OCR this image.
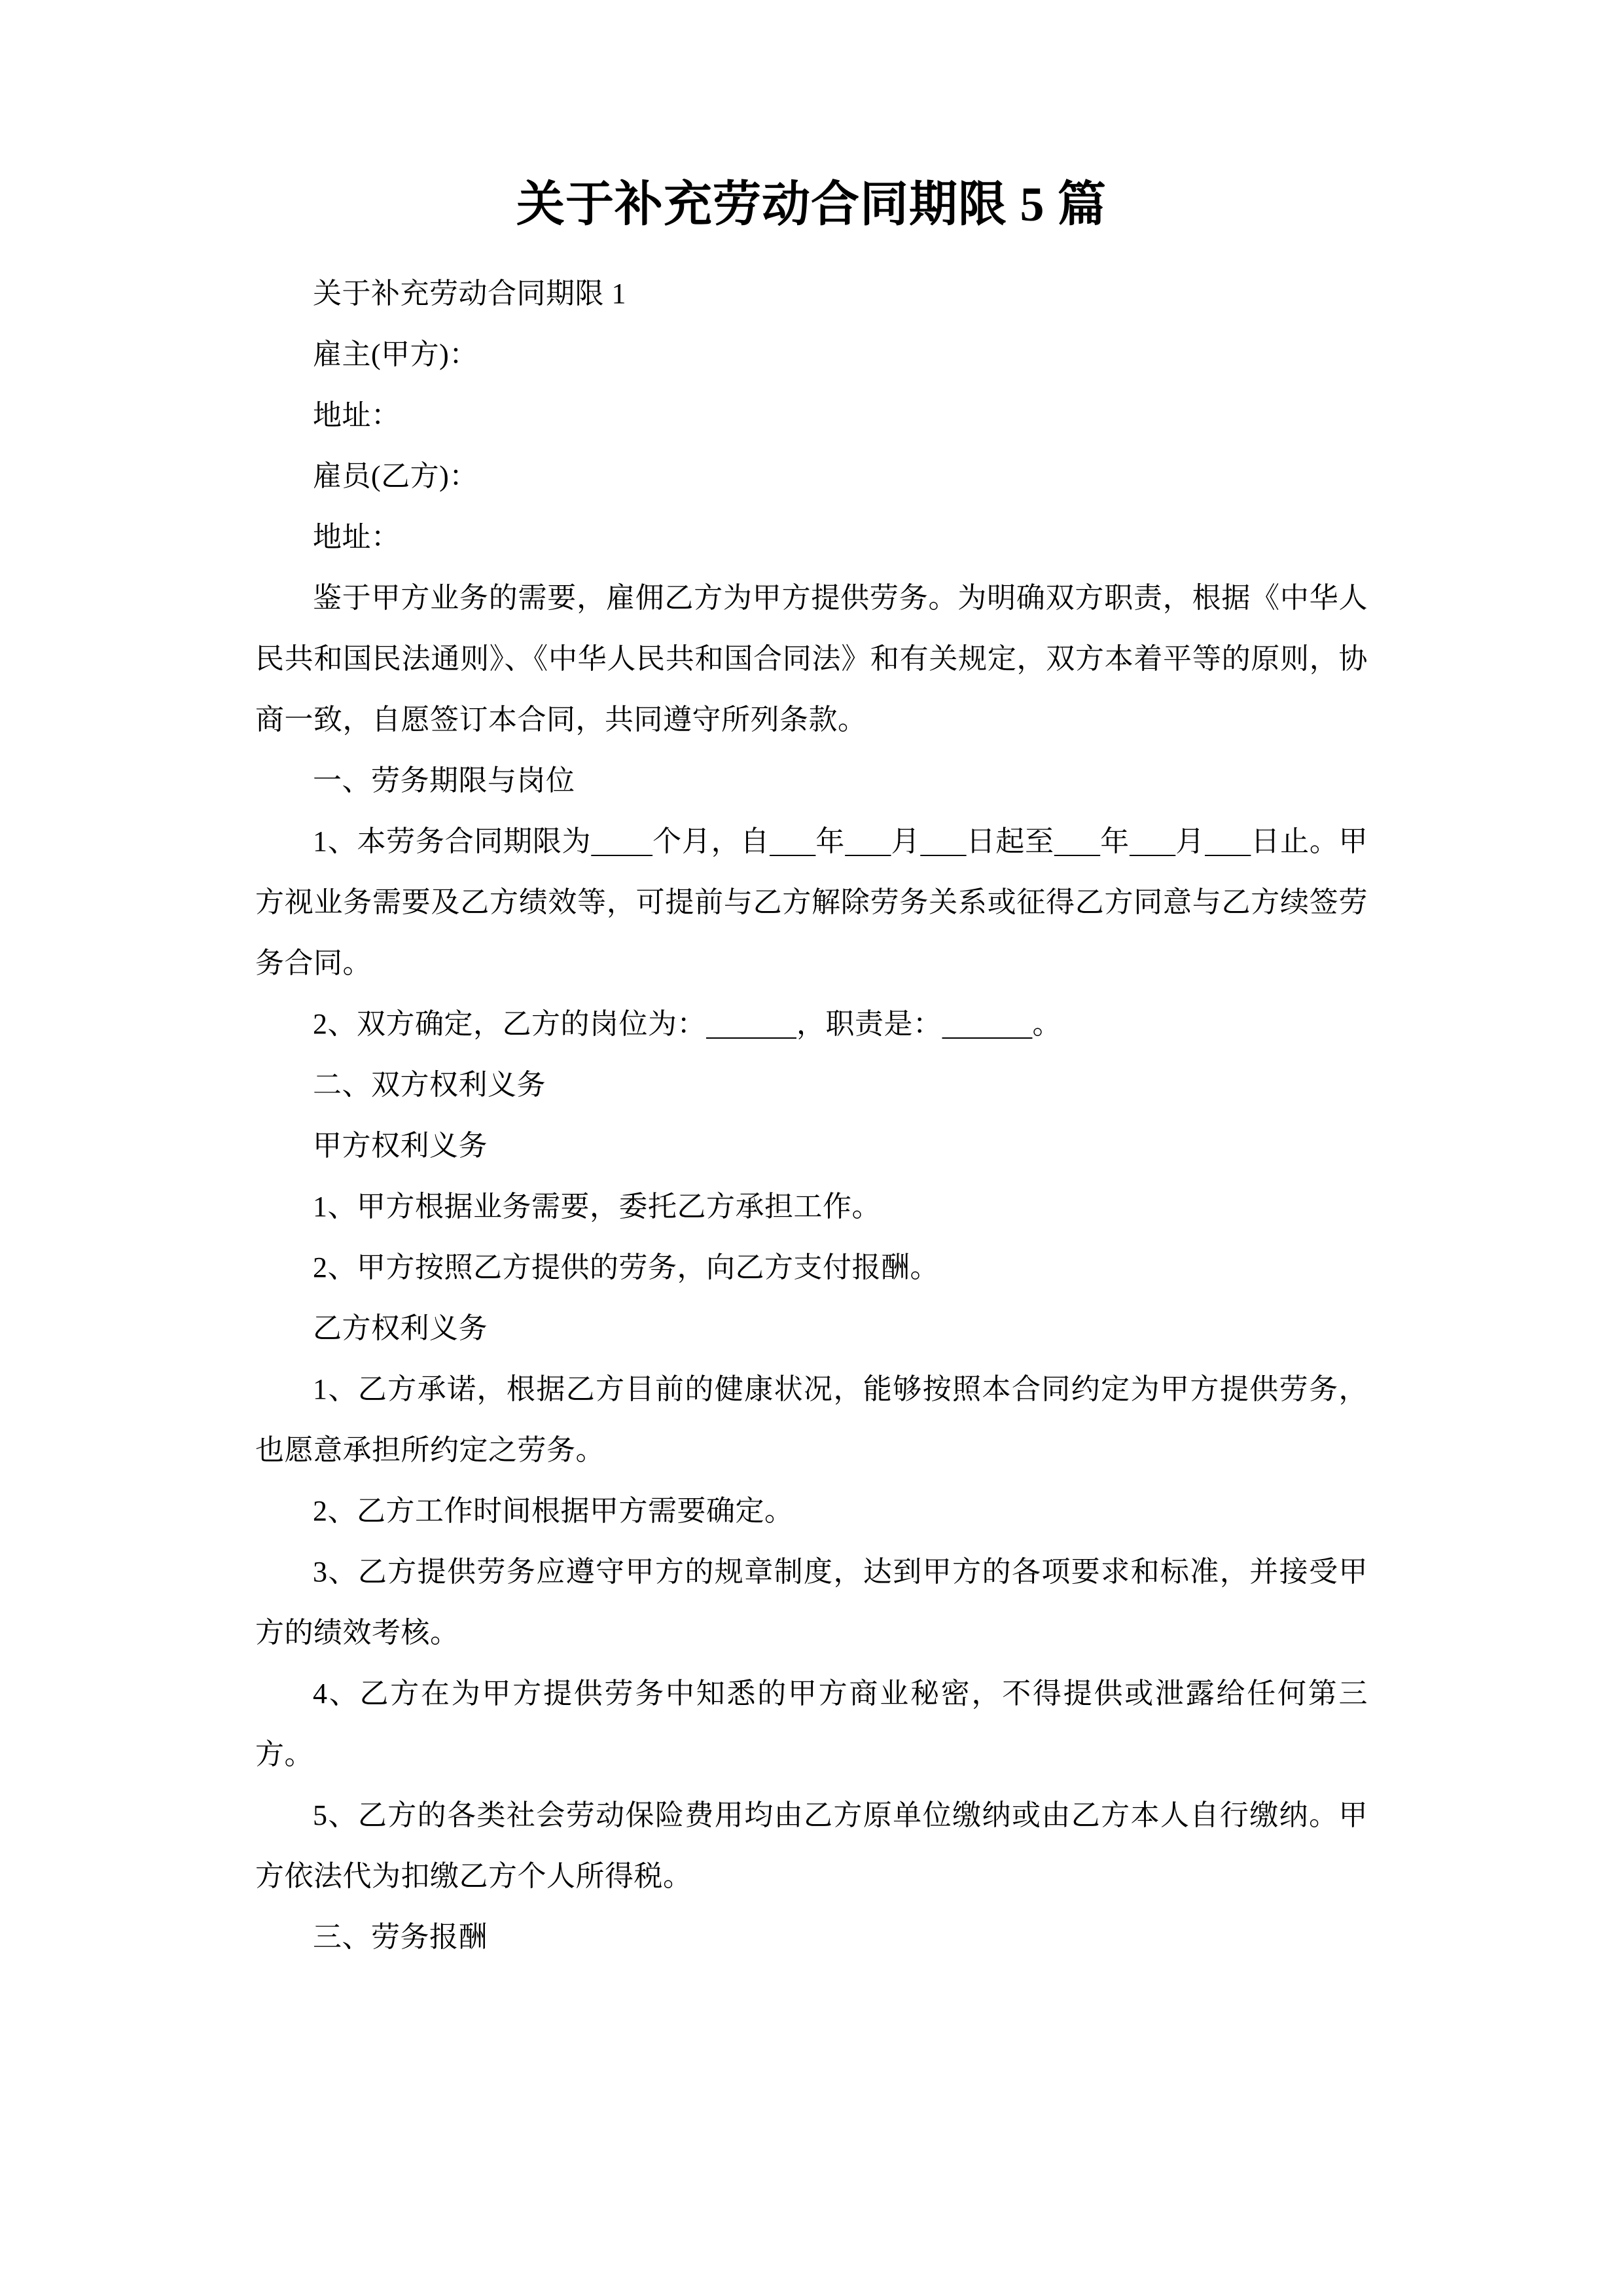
关于补充劳动合同期限 5 篇

关于补充劳动合同期限 1

雇主(甲方)：

地址：

雇员(乙方)：

地址：

鉴于甲方业务的需要，雇佣乙方为甲方提供劳务。为明确双方职责，根据《中华人民共和国民法通则》、《中华人民共和国合同法》和有关规定，双方本着平等的原则，协商一致，自愿签订本合同，共同遵守所列条款。

一、劳务期限与岗位

1、本劳务合同期限为 个月，自 年 月 日起至 年 月 日止。甲方视业务需要及乙方绩效等，可提前与乙方解除劳务关系或征得乙方同意与乙方续签劳务合同。

2、双方确定，乙方的岗位为：	，职责是：	。

二、双方权利义务

甲方权利义务

1、甲方根据业务需要，委托乙方承担工作。

2、甲方按照乙方提供的劳务，向乙方支付报酬。

乙方权利义务

1、乙方承诺，根据乙方目前的健康状况，能够按照本合同约定为甲方提供劳务，也愿意承担所约定之劳务。

2、乙方工作时间根据甲方需要确定。

3、乙方提供劳务应遵守甲方的规章制度，达到甲方的各项要求和标准，并接受甲方的绩效考核。

4、乙方在为甲方提供劳务中知悉的甲方商业秘密，不得提供或泄露给任何第三方。

5、乙方的各类社会劳动保险费用均由乙方原单位缴纳或由乙方本人自行缴纳。甲方依法代为扣缴乙方个人所得税。

三、劳务报酬
